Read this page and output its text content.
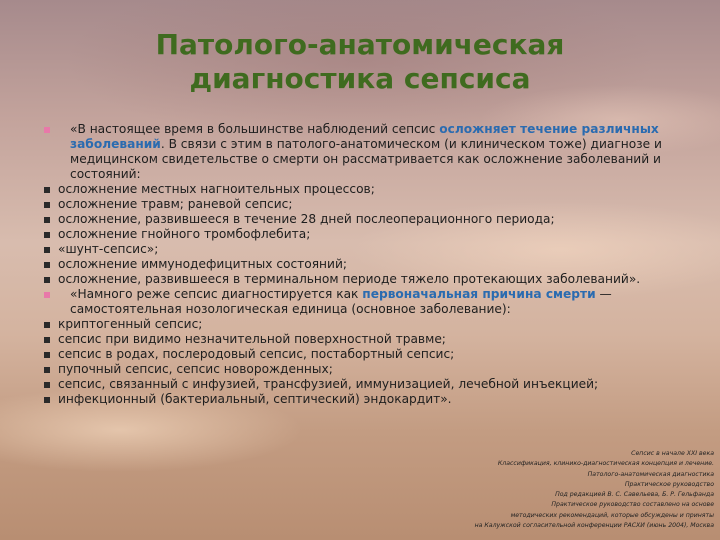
Патолого-анатомическая
диагностика сепсиса
«В настоящее время в большинстве наблюдений сепсис осложняет течение различных заболеваний. В связи с этим в патолого-анатомическом (и клиническом тоже) диагнозе и медицинском свидетельстве о смерти он рассматривается как осложнение заболеваний и состояний:
осложнение местных нагноительных процессов;
осложнение травм; раневой сепсис;
осложнение, развившееся в течение 28 дней послеоперационного периода;
осложнение гнойного тромбофлебита;
«шунт-сепсис»;
осложнение иммунодефицитных состояний;
осложнение, развившееся в терминальном периоде тяжело протекающих заболеваний».
«Намного реже сепсис диагностируется как первоначальная причина смерти — самостоятельная нозологическая единица (основное заболевание):
криптогенный сепсис;
сепсис при видимо незначительной поверхностной травме;
сепсис в родах, послеродовый сепсис, постабортный сепсис;
пупочный сепсис, сепсис новорожденных;
сепсис, связанный с инфузией, трансфузией, иммунизацией, лечебной инъекцией;
инфекционный (бактериальный, септический) эндокардит».
Сепсис в начале XXI века
Классификация, клинико-диагностическая концепция и лечение.
Патолого-анатомическая диагностика
Практическое руководство
Под редакцией В. С. Савельева, Б. Р. Гельфанда
Практическое руководство составлено на основе
методических рекомендаций, которые обсуждены и приняты
на Калужской согласительной конференции РАСХИ (июнь 2004), Москва
